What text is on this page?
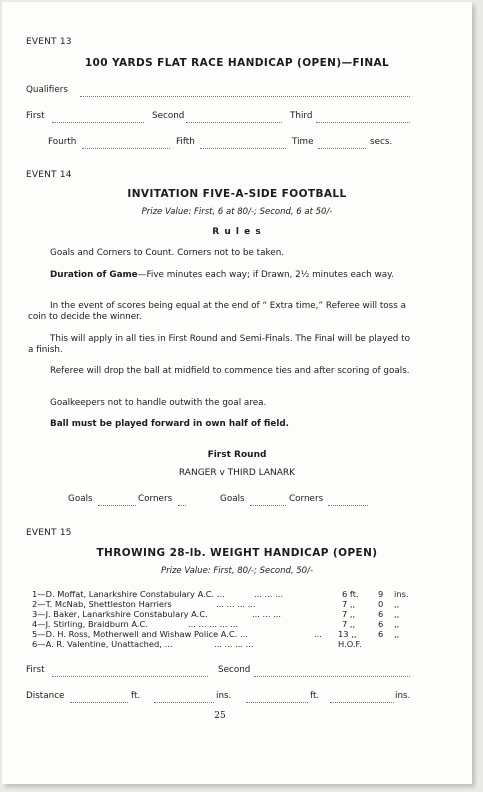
EVENT 13
100 YARDS FLAT RACE HANDICAP (OPEN)—FINAL
Qualifiers
First	Second	Third
Fourth	Fifth	Time	secs.
EVENT 14
INVITATION FIVE-A-SIDE FOOTBALL
Prize Value: First, 6 at 80/-; Second, 6 at 50/-
R u l e s
Goals and Corners to Count. Corners not to be taken.
Duration of Game—Five minutes each way; if Drawn, 2½ minutes each way.
In the event of scores being equal at the end of “ Extra time,” Referee will toss a coin to decide the winner.
This will apply in all ties in First Round and Semi-Finals. The Final will be played to a finish.
Referee will drop the ball at midfield to commence ties and after scoring of goals.
Goalkeepers not to handle outwith the goal area.
Ball must be played forward in own half of field.
First Round
RANGER v THIRD LANARK
Goals	Corners	Goals	Corners
EVENT 15
THROWING 28-lb. WEIGHT HANDICAP (OPEN)
Prize Value: First, 80/-; Second, 50/-
1—D. Moffat, Lanarkshire Constabulary A.C. ...	... ... ...	6 ft. 9 ins.
2—T. McNab, Shettleston Harriers	... ... ... ...	7 ,,	0 ,,
3—J. Baker, Lanarkshire Constabulary A.C.	... ... ...	7 ,,	6 ,,
4—J. Stirling, Braidburn A.C.	... ... ... ... ...	7 ,,	6 ,,
5—D. H. Ross, Motherwell and Wishaw Police A.C. ...	... 13 ,,	6 ,,
6—A. R. Valentine, Unattached, ...	... ... ... ...	H.O.F.
First	Second
Distance	ft.	ins.	ft.	ins.
25
